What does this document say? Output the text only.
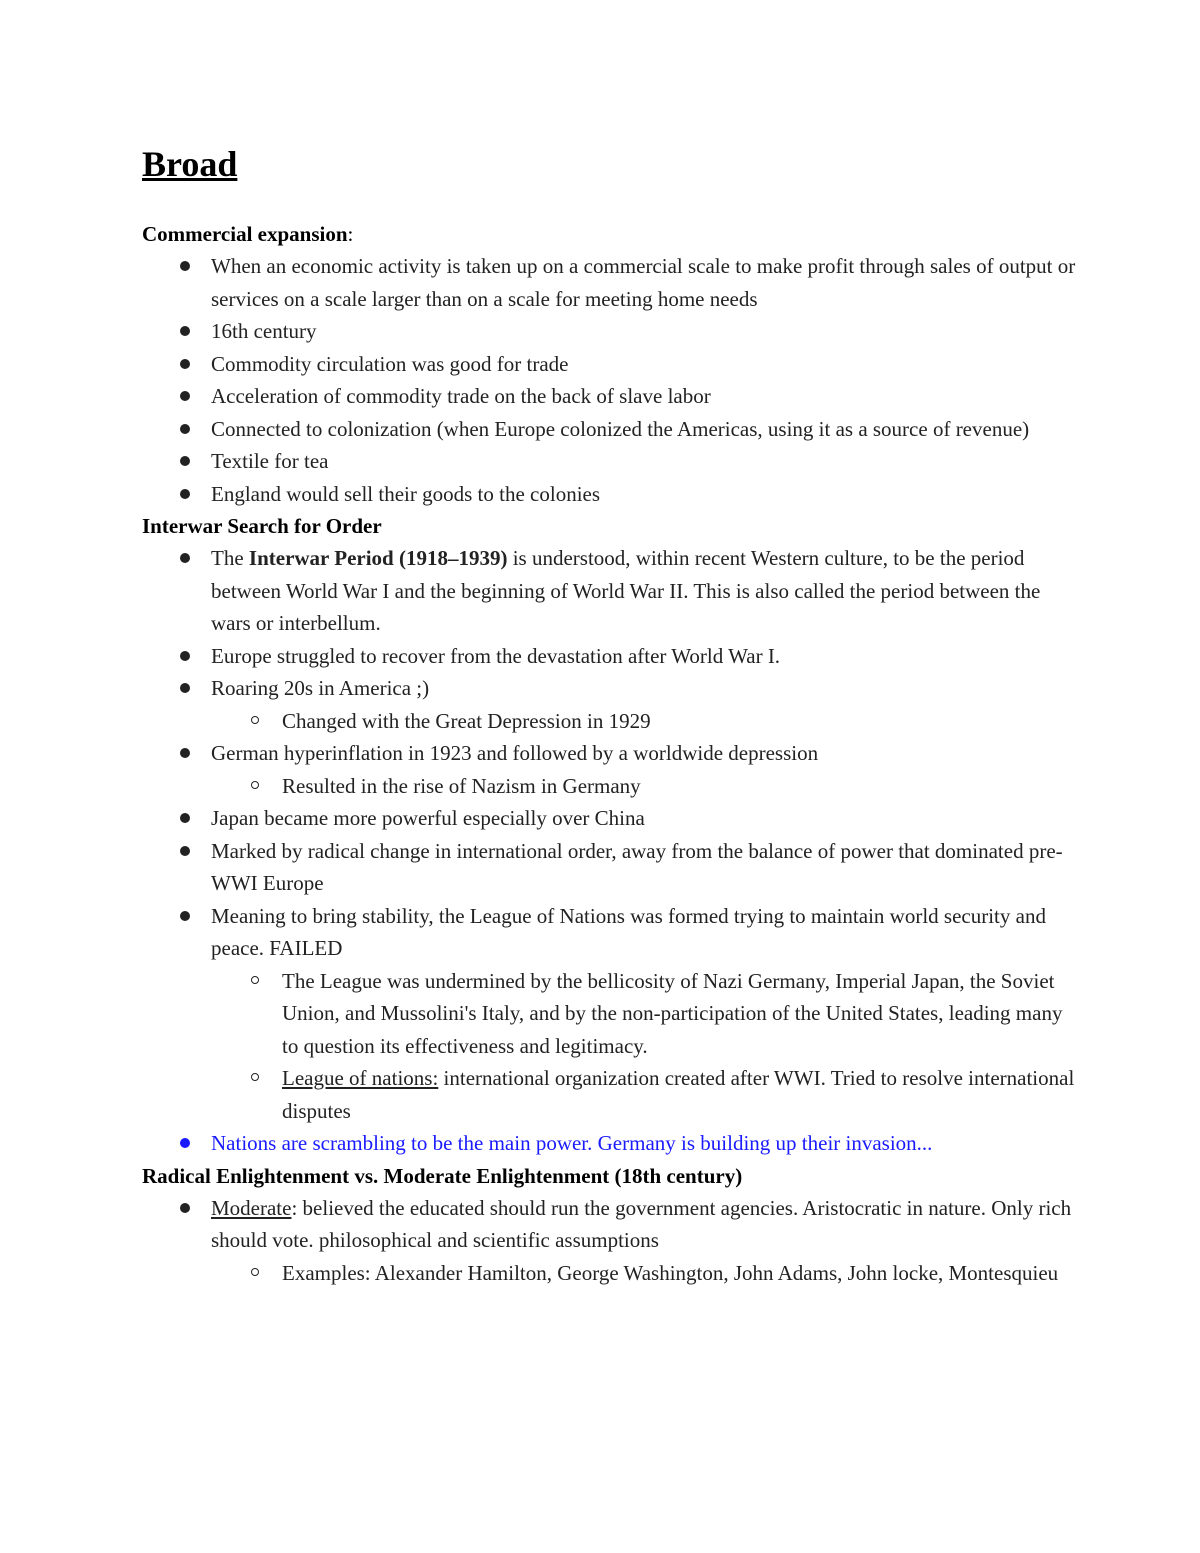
Broad
Commercial expansion:
When an economic activity is taken up on a commercial scale to make profit through sales of output or services on a scale larger than on a scale for meeting home needs
16th century
Commodity circulation was good for trade
Acceleration of commodity trade on the back of slave labor
Connected to colonization (when Europe colonized the Americas, using it as a source of revenue)
Textile for tea
England would sell their goods to the colonies
Interwar Search for Order
The Interwar Period (1918–1939) is understood, within recent Western culture, to be the period between World War I and the beginning of World War II. This is also called the period between the wars or interbellum.
Europe struggled to recover from the devastation after World War I.
Roaring 20s in America ;)
Changed with the Great Depression in 1929
German hyperinflation in 1923 and followed by a worldwide depression
Resulted in the rise of Nazism in Germany
Japan became more powerful especially over China
Marked by radical change in international order, away from the balance of power that dominated pre-WWI Europe
Meaning to bring stability, the League of Nations was formed trying to maintain world security and peace. FAILED
The League was undermined by the bellicosity of Nazi Germany, Imperial Japan, the Soviet Union, and Mussolini's Italy, and by the non-participation of the United States, leading many to question its effectiveness and legitimacy.
League of nations: international organization created after WWI. Tried to resolve international disputes
Nations are scrambling to be the main power. Germany is building up their invasion...
Radical Enlightenment vs. Moderate Enlightenment (18th century)
Moderate: believed the educated should run the government agencies. Aristocratic in nature. Only rich should vote. philosophical and scientific assumptions
Examples: Alexander Hamilton, George Washington, John Adams, John locke, Montesquieu
